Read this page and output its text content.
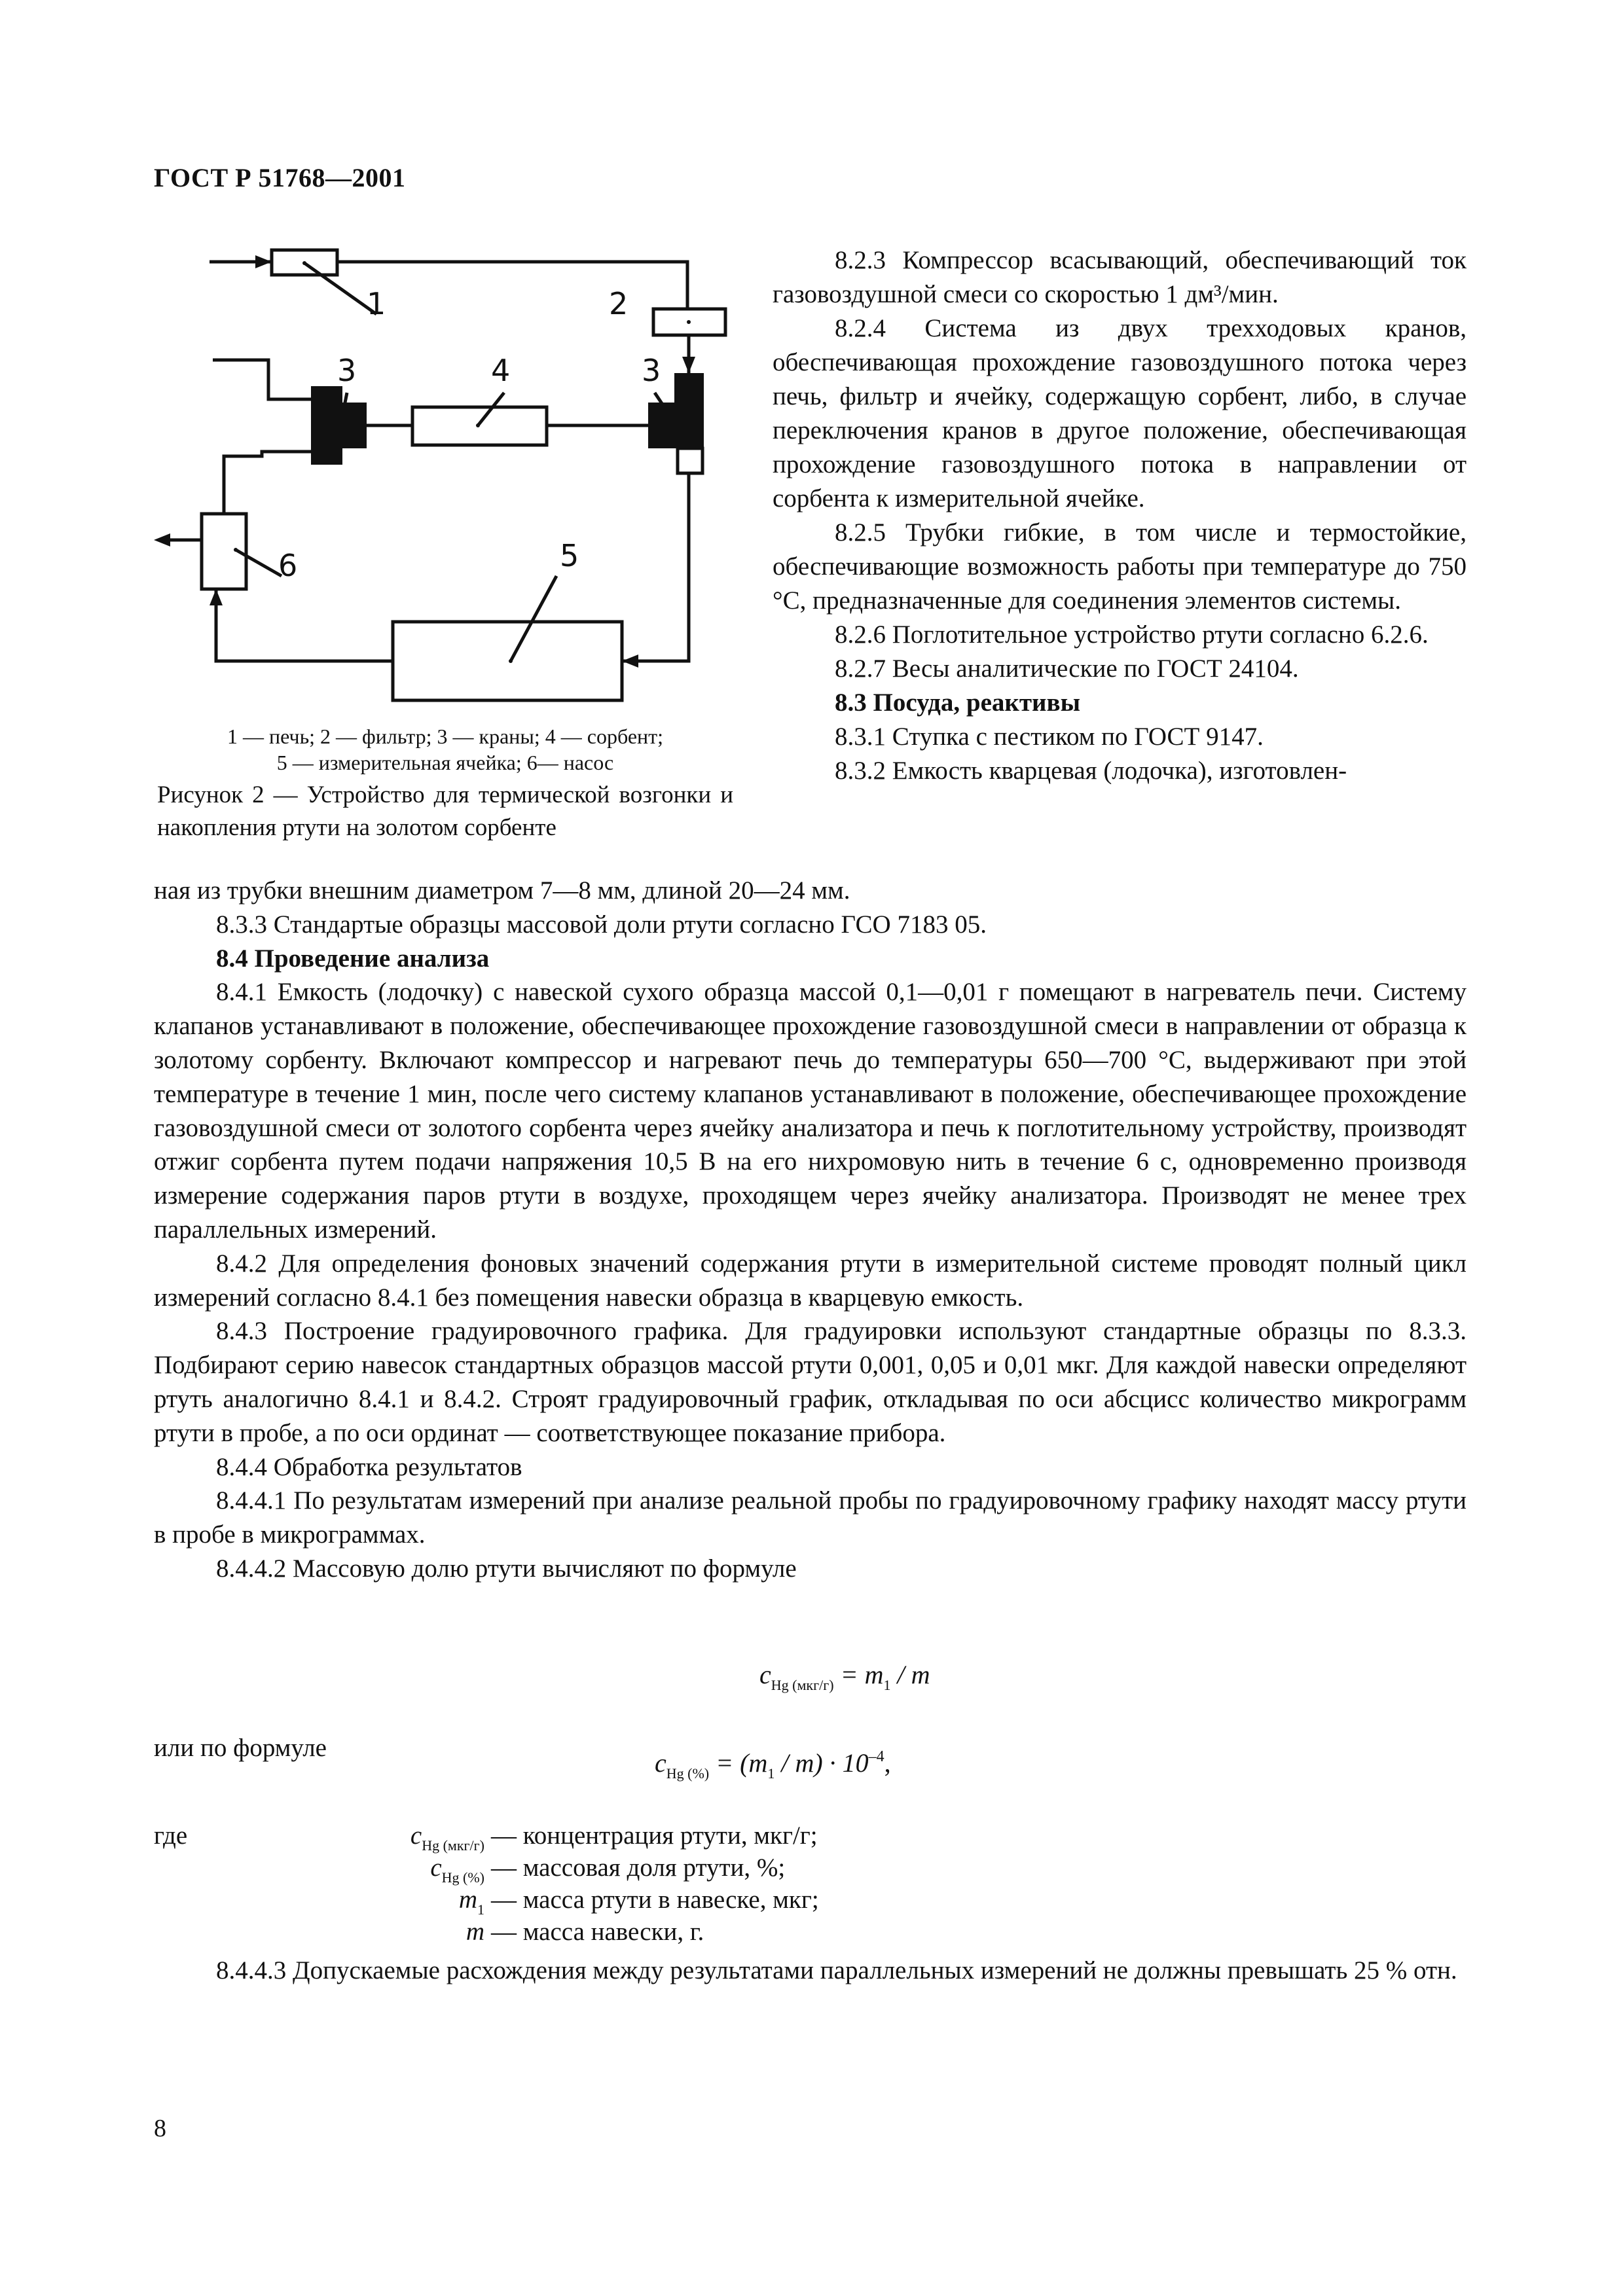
ГОСТ Р 51768—2001
1	2
3	4	3
5
6
1 — печь; 2 — фильтр; 3 — краны; 4 — сорбент;
5 — измерительная ячейка; 6— насос
Рисунок 2 — Устройство для термической возгонки и накопления ртути на золотом сорбенте

8.2.3 Компрессор всасывающий, обеспечивающий ток газовоздушной смеси со скоростью 1 дм³/мин.

8.2.4 Система из двух трехходовых кранов, обеспечивающая прохождение газовоздушного потока через печь, фильтр и ячейку, содержащую сорбент, либо, в случае переключения кранов в другое положение, обеспечивающая прохождение газовоздушного потока в направлении от сорбента к измерительной ячейке.

8.2.5 Трубки гибкие, в том числе и термостойкие, обеспечивающие возможность работы при температуре до 750 °С, предназначенные для соединения элементов системы.

8.2.6 Поглотительное устройство ртути согласно 6.2.6.

8.2.7 Весы аналитические по ГОСТ 24104.

8.3 Посуда, реактивы

8.3.1 Ступка с пестиком по ГОСТ 9147.

8.3.2 Емкость кварцевая (лодочка), изготовлен-

ная из трубки внешним диаметром 7—8 мм, длиной 20—24 мм.

8.3.3 Стандартые образцы массовой доли ртути согласно ГСО 7183 05.

8.4 Проведение анализа

8.4.1 Емкость (лодочку) с навеской сухого образца массой 0,1—0,01 г помещают в нагреватель печи. Систему клапанов устанавливают в положение, обеспечивающее прохождение газовоздушной смеси в направлении от образца к золотому сорбенту. Включают компрессор и нагревают печь до температуры 650—700 °С, выдерживают при этой температуре в течение 1 мин, после чего систему клапанов устанавливают в положение, обеспечивающее прохождение газовоздушной смеси от золотого сорбента через ячейку анализатора и печь к поглотительному устройству, производят отжиг сорбента путем подачи напряжения 10,5 В на его нихромовую нить в течение 6 с, одновременно производя измерение содержания паров ртути в воздухе, проходящем через ячейку анализатора. Производят не менее трех параллельных измерений.

8.4.2 Для определения фоновых значений содержания ртути в измерительной системе проводят полный цикл измерений согласно 8.4.1 без помещения навески образца в кварцевую емкость.

8.4.3 Построение градуировочного графика. Для градуировки используют стандартные образцы по 8.3.3. Подбирают серию навесок стандартных образцов массой ртути 0,001, 0,05 и 0,01 мкг. Для каждой навески определяют ртуть аналогично 8.4.1 и 8.4.2. Строят градуировочный график, откладывая по оси абсцисс количество микрограмм ртути в пробе, а по оси ординат — соответствующее показание прибора.

8.4.4 Обработка результатов

8.4.4.1 По результатам измерений при анализе реальной пробы по градуировочному графику находят массу ртути в пробе в микрограммах.

8.4.4.2 Массовую долю ртути вычисляют по формуле

$c_{Hg (мкг/г)} = m_1 / m$

или по формуле

$c_{Hg (\%)} = (m_1 / m) \cdot 10^{-4}$,
где	$c_{Hg (мкг/г)}$ — концентрация ртути, мкг/г;
$c_{Hg (\%)}$ — массовая доля ртути, %;
$m_1$ — масса ртути в навеске, мкг;
m — масса навески, г.

8.4.4.3 Допускаемые расхождения между результатами параллельных измерений не должны превышать 25 % отн.

8
